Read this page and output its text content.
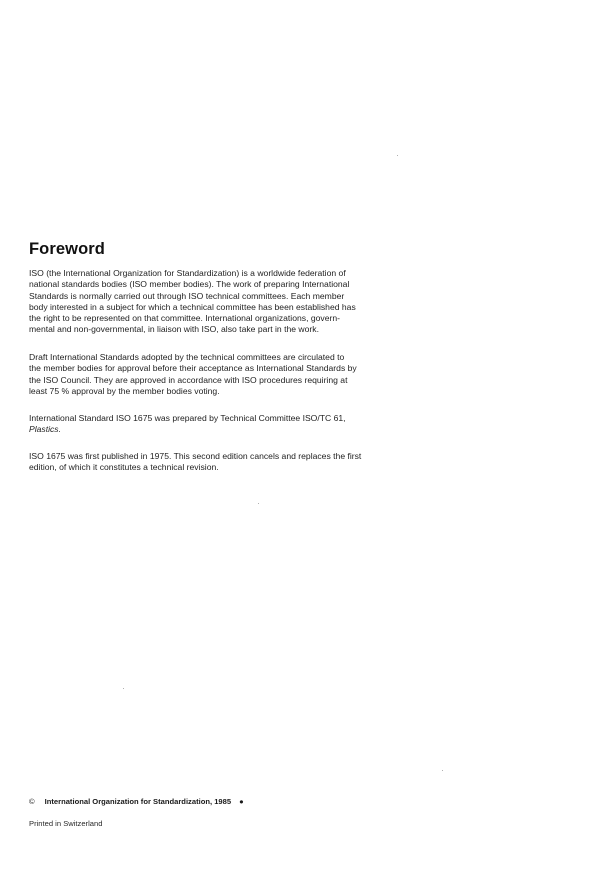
Foreword

ISO (the International Organization for Standardization) is a worldwide federation of
national standards bodies (ISO member bodies). The work of preparing International
Standards is normally carried out through ISO technical committees. Each member
body interested in a subject for which a technical committee has been established has
the right to be represented on that committee. International organizations, govern-
mental and non-governmental, in liaison with ISO, also take part in the work.

Draft International Standards adopted by the technical committees are circulated to
the member bodies for approval before their acceptance as International Standards by
the ISO Council. They are approved in accordance with ISO procedures requiring at
least 75 % approval by the member bodies voting.

International Standard ISO 1675 was prepared by Technical Committee ISO/TC 61,
Plastics.

ISO 1675 was first published in 1975. This second edition cancels and replaces the first
edition, of which it constitutes a technical revision.

© International Organization for Standardization, 1985 ●
Printed in Switzerland
